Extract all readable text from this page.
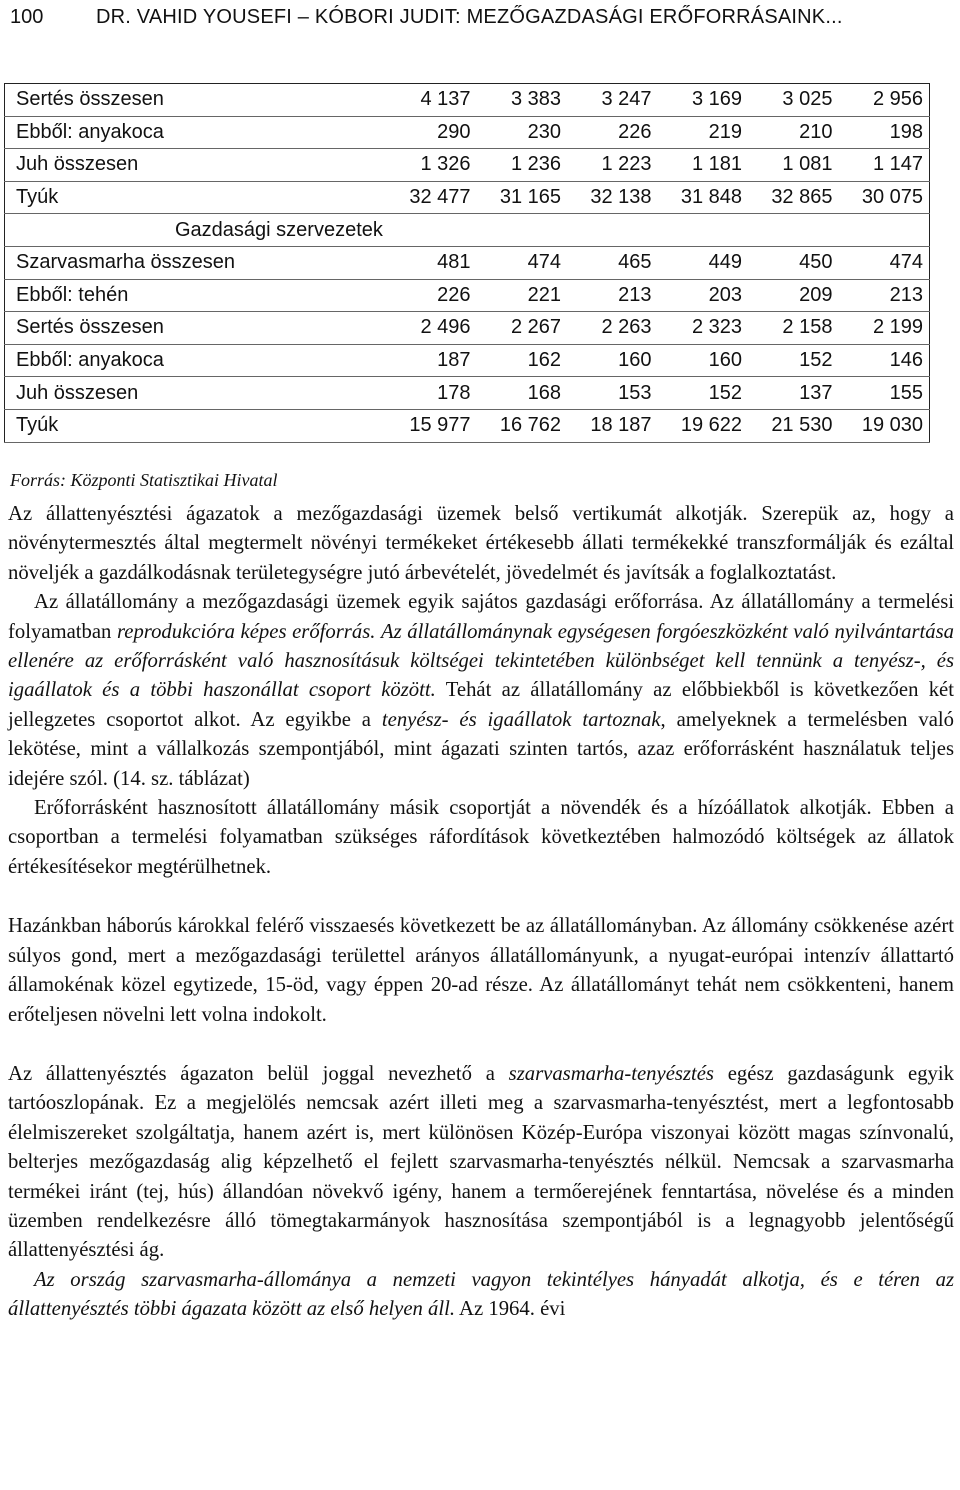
100	DR. VAHID YOUSEFI – KÓBORI JUDIT: MEZŐGAZDASÁGI ERŐFORRÁSAINK...
Sertés összesen	4 137	3 383	3 247	3 169	3 025	2 956
Ebből: anyakoca	290	230	226	219	210	198
Juh összesen	1 326	1 236	1 223	1 181	1 081	1 147
Tyúk	32 477	31 165	32 138	31 848	32 865	30 075
Gazdasági szervezetek						
Szarvasmarha összesen	481	474	465	449	450	474
Ebből: tehén	226	221	213	203	209	213
Sertés összesen	2 496	2 267	2 263	2 323	2 158	2 199
Ebből: anyakoca	187	162	160	160	152	146
Juh összesen	178	168	153	152	137	155
Tyúk	15 977	16 762	18 187	19 622	21 530	19 030
Forrás: Központi Statisztikai Hivatal

Az állattenyésztési ágazatok a mezőgazdasági üzemek belső vertikumát alkotják. Szerepük az, hogy a növénytermesztés által megtermelt növényi termékeket értékesebb állati termékekké transzformálják és ezáltal növeljék a gazdálkodásnak területegységre jutó árbevételét, jövedelmét és javítsák a foglalkoztatást.

Az állatállomány a mezőgazdasági üzemek egyik sajátos gazdasági erőforrása. Az állatállomány a termelési folyamatban reprodukcióra képes erőforrás. Az állatállománynak egységesen forgóeszközként való nyilvántartása ellenére az erőforrásként való hasznosításuk költségei tekintetében különbséget kell tennünk a tenyész-, és igaállatok és a többi haszonállat csoport között. Tehát az állatállomány az előbbiekből is következően két jellegzetes csoportot alkot. Az egyikbe a tenyész- és igaállatok tartoznak, amelyeknek a termelésben való lekötése, mint a vállalkozás szempontjából, mint ágazati szinten tartós, azaz erőforrásként használatuk teljes idejére szól. (14. sz. táblázat)

Erőforrásként hasznosított állatállomány másik csoportját a növendék és a hízóállatok alkotják. Ebben a csoportban a termelési folyamatban szükséges ráfordítások következtében halmozódó költségek az állatok értékesítésekor megtérülhetnek.

Hazánkban háborús károkkal felérő visszaesés következett be az állatállományban. Az állomány csökkenése azért súlyos gond, mert a mezőgazdasági területtel arányos állatállományunk, a nyugat-európai intenzív állattartó államokénak közel egytizede, 15-öd, vagy éppen 20-ad része. Az állatállományt tehát nem csökkenteni, hanem erőteljesen növelni lett volna indokolt.

Az állattenyésztés ágazaton belül joggal nevezhető a szarvasmarha-tenyésztés egész gazdaságunk egyik tartóoszlopának. Ez a megjelölés nemcsak azért illeti meg a szarvasmarha-tenyésztést, mert a legfontosabb élelmiszereket szolgáltatja, hanem azért is, mert különösen Közép-Európa viszonyai között magas színvonalú, belterjes mezőgazdaság alig képzelhető el fejlett szarvasmarha-tenyésztés nélkül. Nemcsak a szarvasmarha termékei iránt (tej, hús) állandóan növekvő igény, hanem a termőerejének fenntartása, növelése és a minden üzemben rendelkezésre álló tömegtakarmányok hasznosítása szempontjából is a legnagyobb jelentőségű állattenyésztési ág.

Az ország szarvasmarha-állománya a nemzeti vagyon tekintélyes hányadát alkotja, és e téren az állattenyésztés többi ágazata között az első helyen áll. Az 1964. évi
